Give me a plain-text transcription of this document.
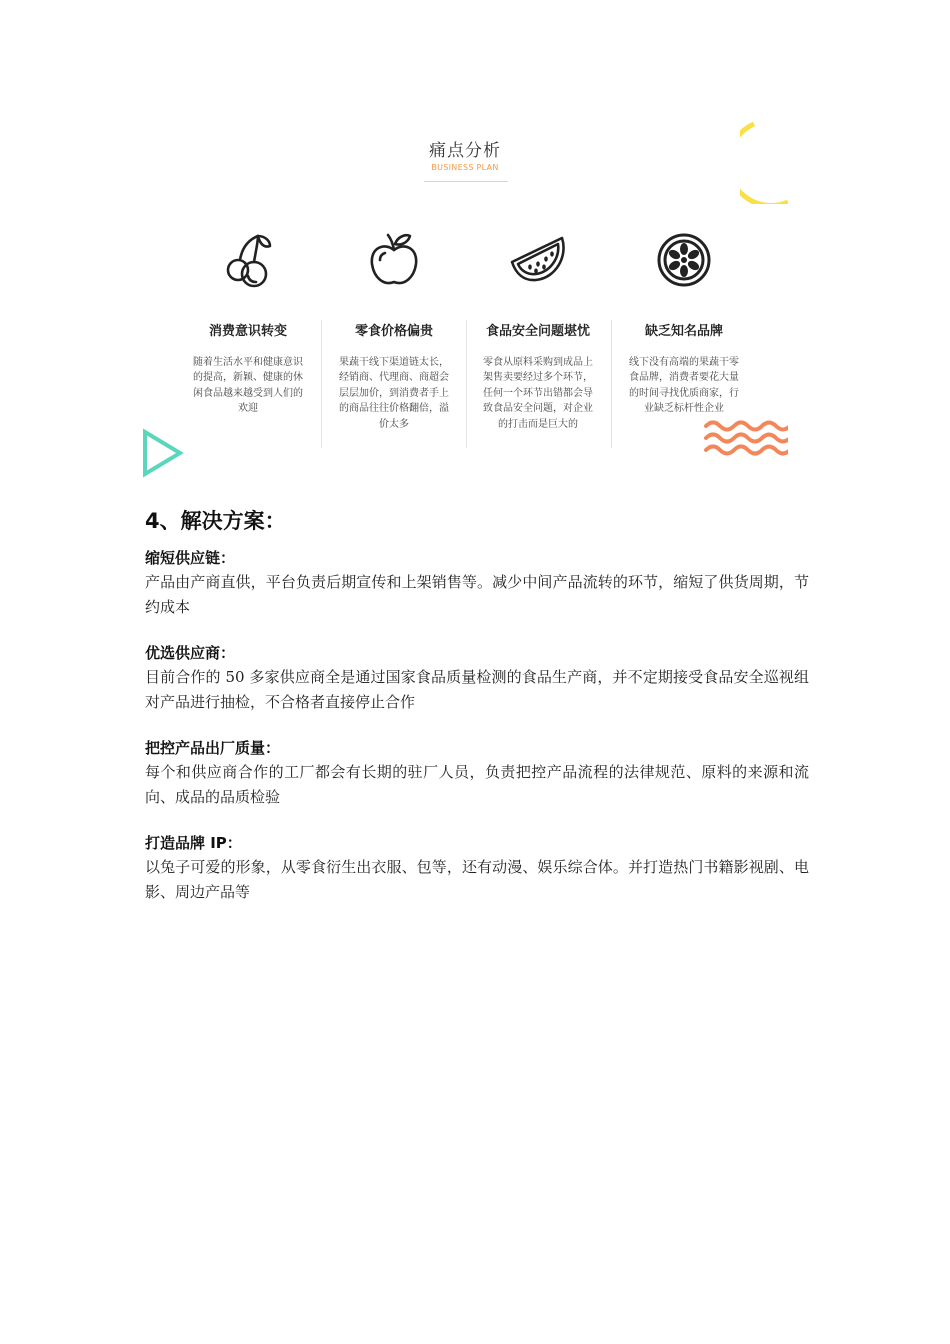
痛点分析
BUSINESS PLAN
消费意识转变
随着生活水平和健康意识的提高，新颖、健康的休闲食品越来越受到人们的欢迎
零食价格偏贵
果蔬干线下渠道链太长，经销商、代理商、商超会层层加价，到消费者手上的商品往往价格翻倍，溢价太多
食品安全问题堪忧
零食从原料采购到成品上架售卖要经过多个环节，任何一个环节出错都会导致食品安全问题，对企业的打击而是巨大的
缺乏知名品牌
线下没有高端的果蔬干零食品牌，消费者要花大量的时间寻找优质商家，行业缺乏标杆性企业
4、解决方案：
缩短供应链：
产品由产商直供，平台负责后期宣传和上架销售等。减少中间产品流转的环节，缩短了供货周期，节约成本
优选供应商：
目前合作的 50 多家供应商全是通过国家食品质量检测的食品生产商，并不定期接受食品安全巡视组对产品进行抽检，不合格者直接停止合作
把控产品出厂质量：
每个和供应商合作的工厂都会有长期的驻厂人员，负责把控产品流程的法律规范、原料的来源和流向、成品的品质检验
打造品牌 IP：
以兔子可爱的形象，从零食衍生出衣服、包等，还有动漫、娱乐综合体。并打造热门书籍影视剧、电影、周边产品等
